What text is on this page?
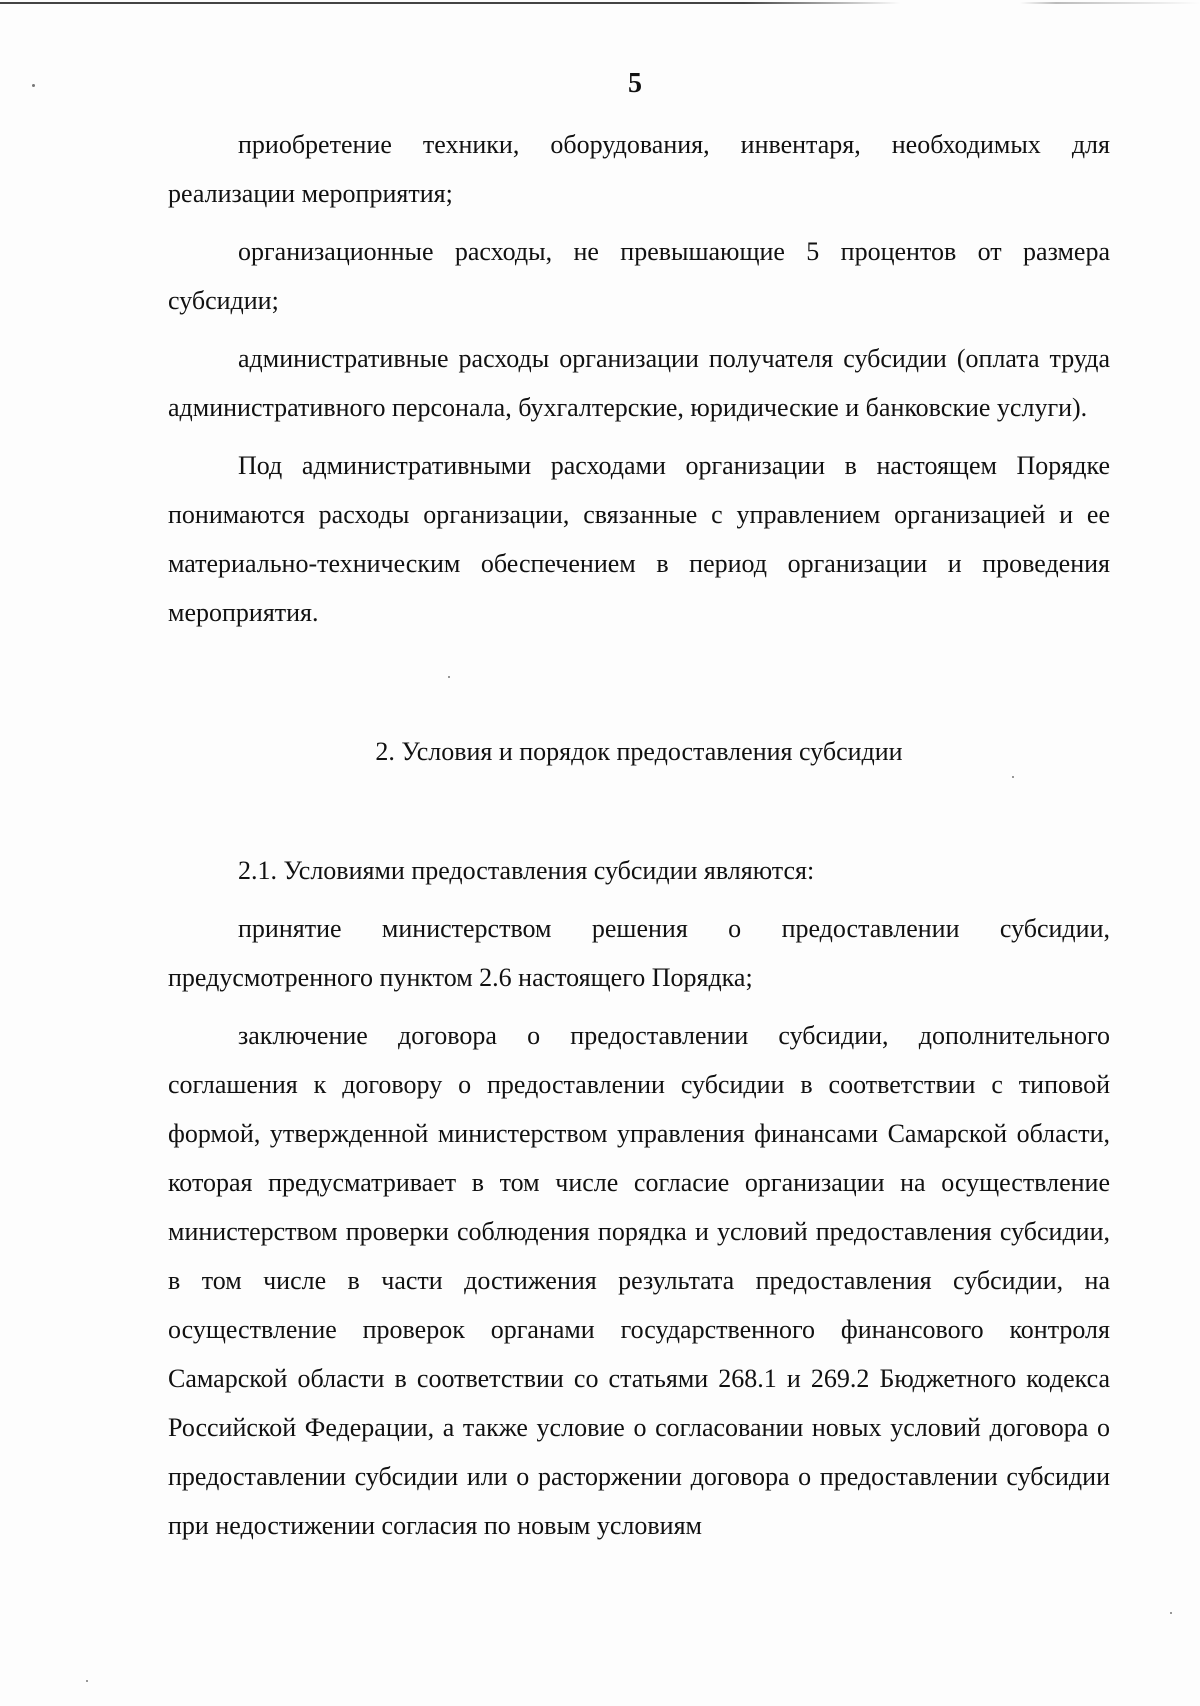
5

приобретение техники, оборудования, инвентаря, необходимых для реализации мероприятия;

организационные расходы, не превышающие 5 процентов от размера субсидии;

административные расходы организации получателя субсидии (оплата труда административного персонала, бухгалтерские, юридические и банковские услуги).

Под административными расходами организации в настоящем Порядке понимаются расходы организации, связанные с управлением организацией и ее материально-техническим обеспечением в период организации и проведения мероприятия.

2. Условия и порядок предоставления субсидии

2.1. Условиями предоставления субсидии являются:

принятие министерством решения о предоставлении субсидии, предусмотренного пунктом 2.6 настоящего Порядка;

заключение договора о предоставлении субсидии, дополнительного соглашения к договору о предоставлении субсидии в соответствии с типовой формой, утвержденной министерством управления финансами Самарской области, которая предусматривает в том числе согласие организации на осуществление министерством проверки соблюдения порядка и условий предоставления субсидии, в том числе в части достижения результата предоставления субсидии, на осуществление проверок органами государственного финансового контроля Самарской области в соответствии со статьями 268.1 и 269.2 Бюджетного кодекса Российской Федерации, а также условие о согласовании новых условий договора о предоставлении субсидии или о расторжении договора о предоставлении субсидии при недостижении согласия по новым условиям
